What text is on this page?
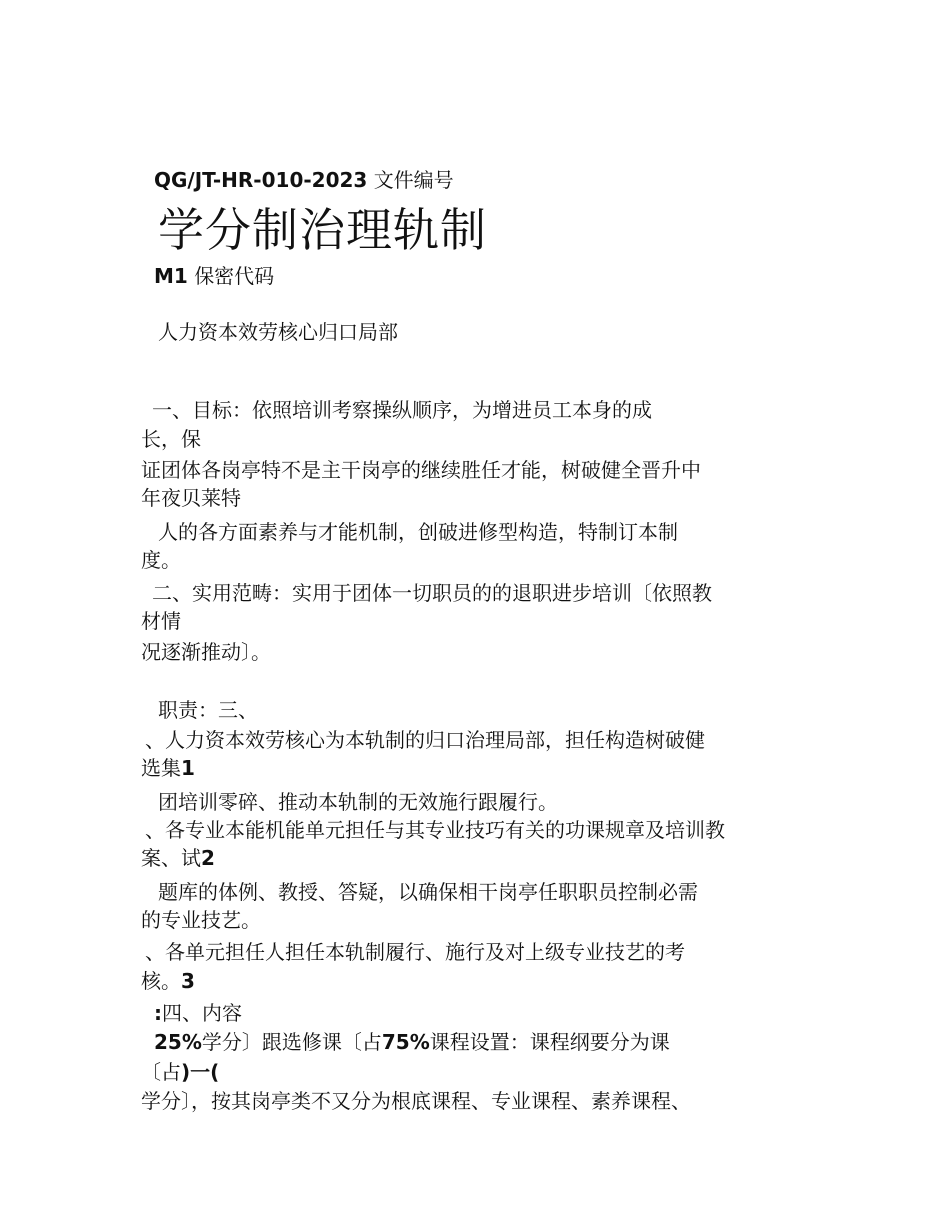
QG/JT-HR-010-2023 文件编号
学分制治理轨制
M1 保密代码
人力资本效劳核心归口局部
一、目标：依照培训考察操纵顺序，为增进员工本身的成
长，保
证团体各岗亭特不是主干岗亭的继续胜任才能，树破健全晋升中
年夜贝莱特
人的各方面素养与才能机制，创破进修型构造，特制订本制
度。
二、实用范畴：实用于团体一切职员的的退职进步培训〔依照教
材情
况逐渐推动〕。
职责：三、
、人力资本效劳核心为本轨制的归口治理局部，担任构造树破健
选集1
团培训零碎、推动本轨制的无效施行跟履行。
、各专业本能机能单元担任与其专业技巧有关的功课规章及培训教
案、试2
题库的体例、教授、答疑，以确保相干岗亭任职职员控制必需
的专业技艺。
、各单元担任人担任本轨制履行、施行及对上级专业技艺的考
核。3
:四、内容
25%学分〕跟选修课〔占75%课程设置：课程纲要分为课
〔占)一(
学分〕，按其岗亭类不又分为根底课程、专业课程、素养课程、
